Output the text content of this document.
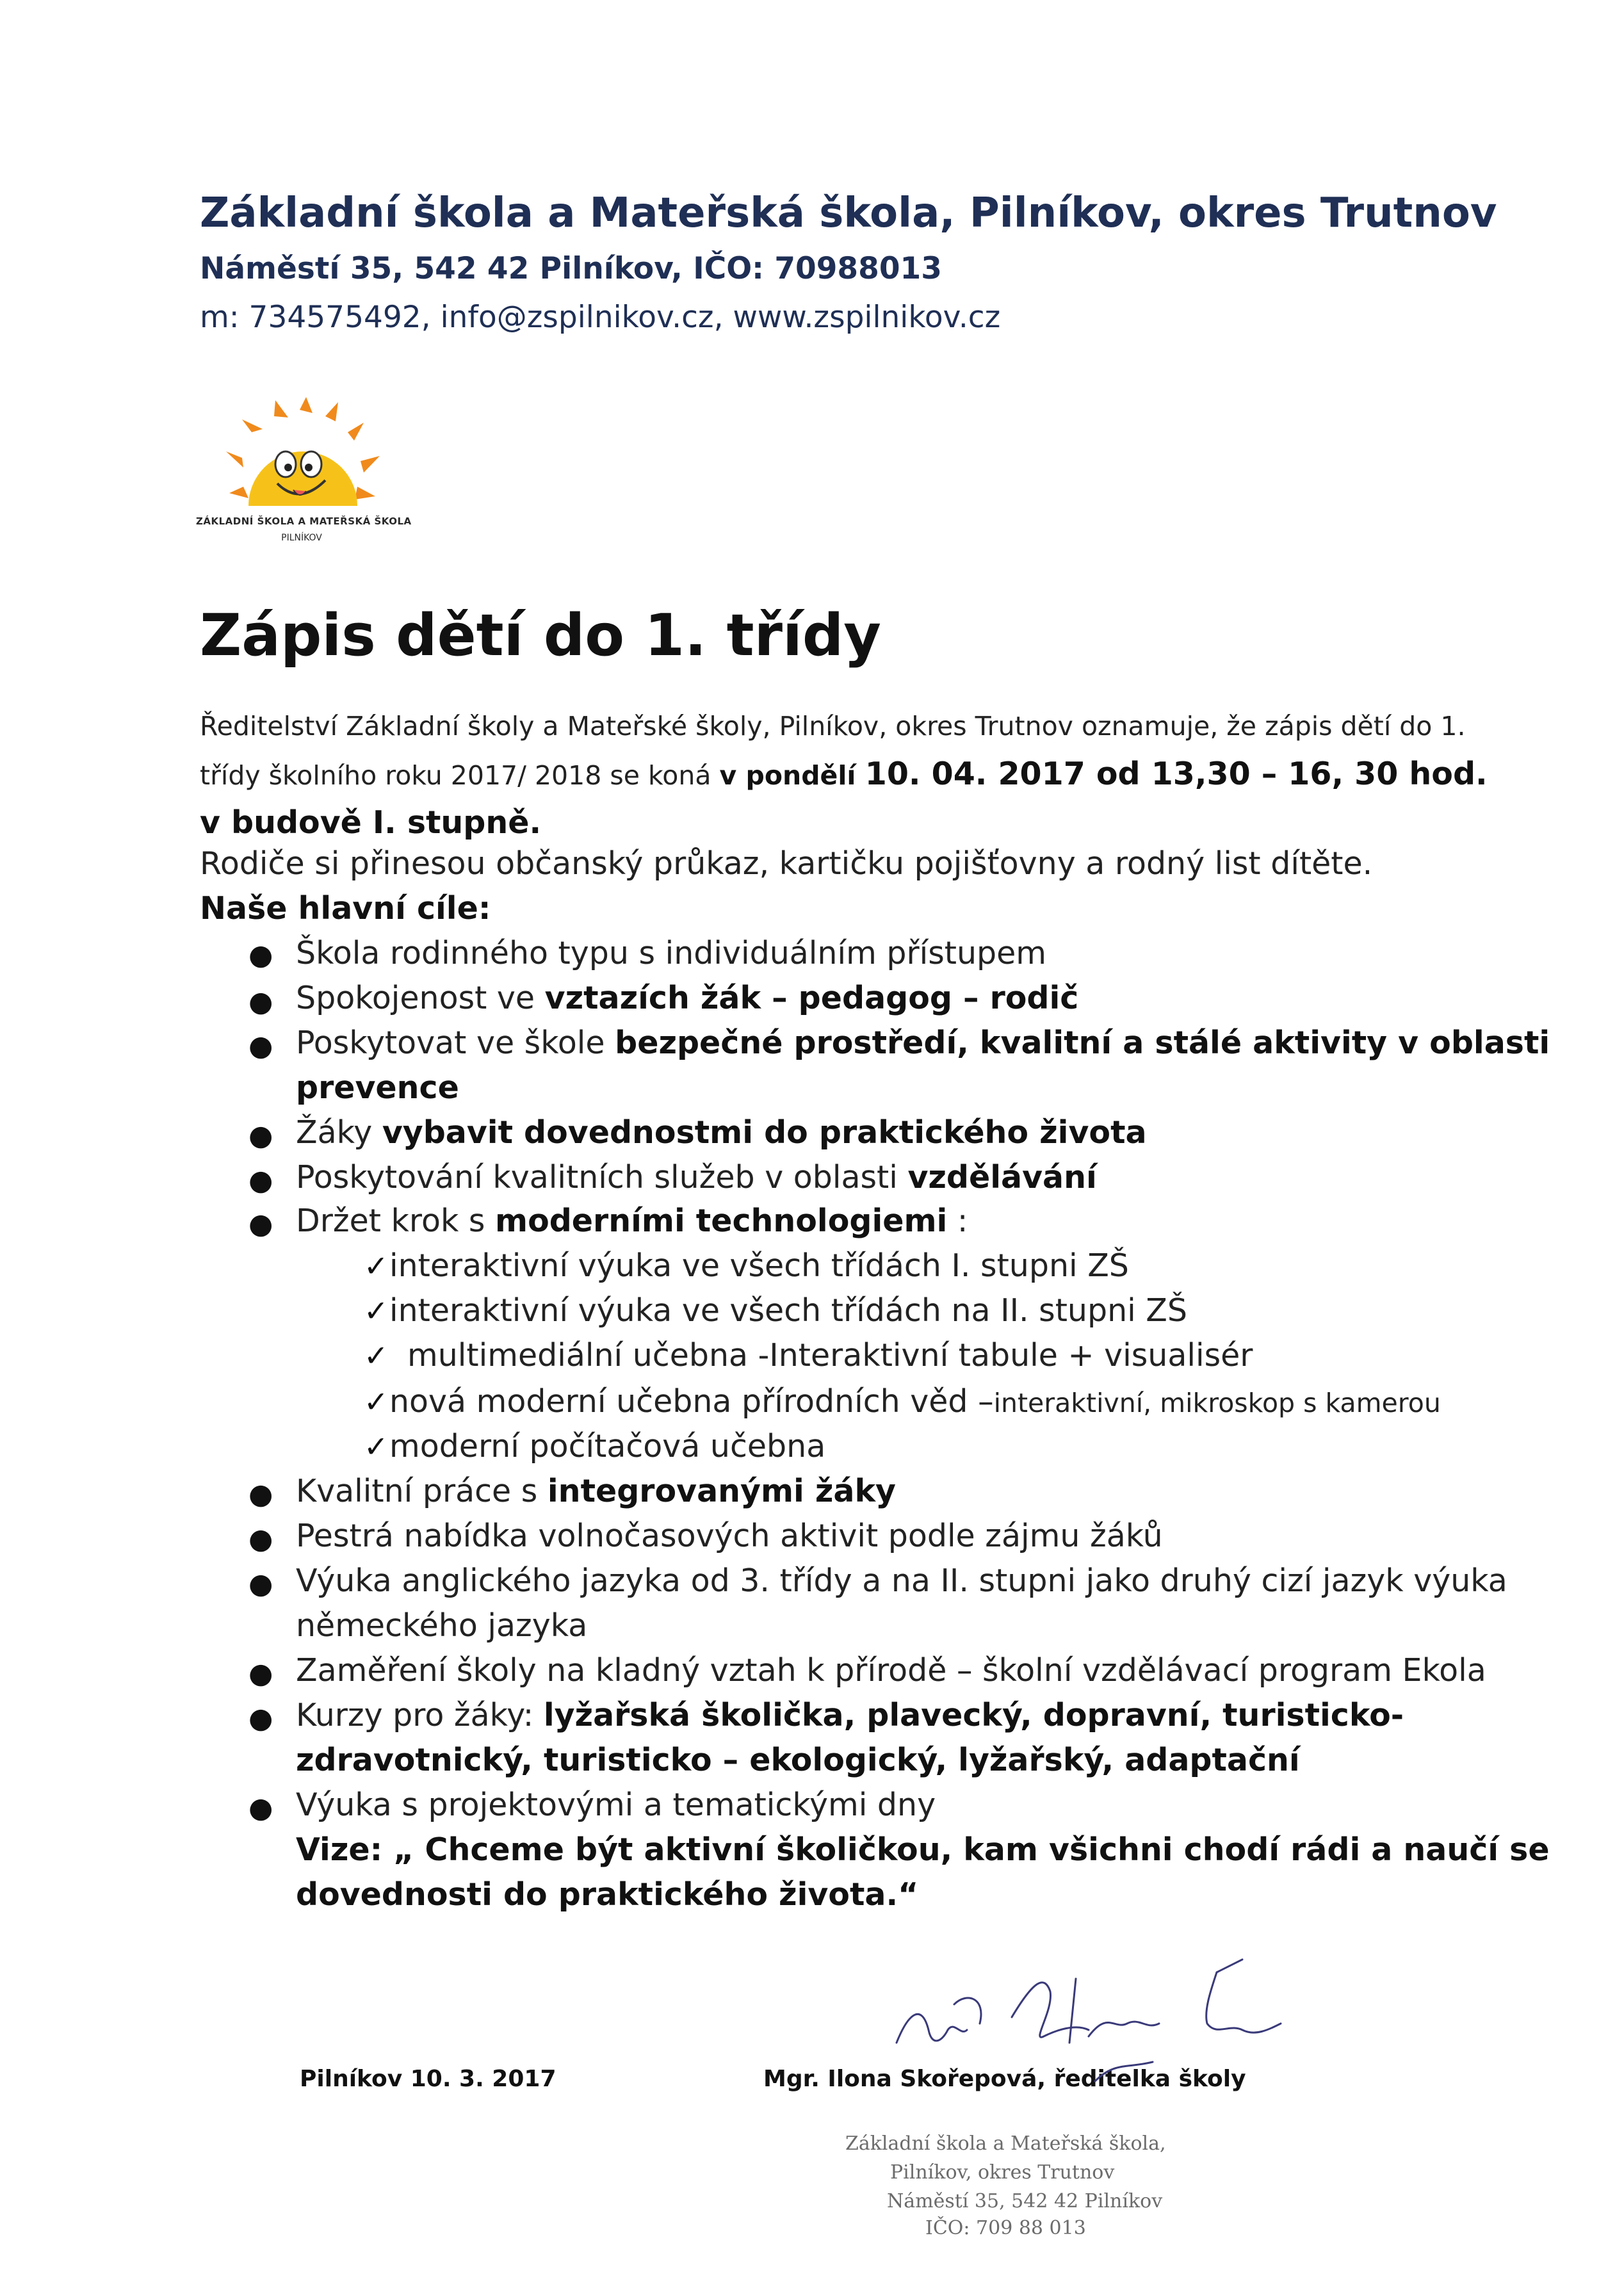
Základní škola a Mateřská škola, Pilníkov, okres Trutnov
Náměstí 35, 542 42 Pilníkov, IČO: 70988013
m: 734575492, info@zspilnikov.cz, www.zspilnikov.cz
ZÁKLADNÍ ŠKOLA A MATEŘSKÁ ŠKOLA
PILNÍKOV
Zápis dětí do 1. třídy
Ředitelství Základní školy a Mateřské školy, Pilníkov, okres Trutnov oznamuje, že zápis dětí do 1.
třídy školního roku 2017/ 2018 se koná v pondělí 10. 04. 2017 od 13,30 – 16, 30 hod.
v budově I. stupně.
Rodiče si přinesou občanský průkaz, kartičku pojišťovny a rodný list dítěte.
Naše hlavní cíle:
● Škola rodinného typu s individuálním přístupem
● Spokojenost ve vztazích žák – pedagog – rodič
● Poskytovat ve škole bezpečné prostředí, kvalitní a stálé aktivity v oblasti
prevence
● Žáky vybavit dovednostmi do praktického života
● Poskytování kvalitních služeb v oblasti vzdělávání
● Držet krok s moderními technologiemi :
✓ interaktivní výuka ve všech třídách I. stupni ZŠ
✓ interaktivní výuka ve všech třídách na II. stupni ZŠ
✓ multimediální učebna -Interaktivní tabule + visualisér
✓ nová moderní učebna přírodních věd –interaktivní, mikroskop s kamerou
✓ moderní počítačová učebna
● Kvalitní práce s integrovanými žáky
● Pestrá nabídka volnočasových aktivit podle zájmu žáků
● Výuka anglického jazyka od 3. třídy a na II. stupni jako druhý cizí jazyk výuka
německého jazyka
● Zaměření školy na kladný vztah k přírodě – školní vzdělávací program Ekola
● Kurzy pro žáky: lyžařská školička, plavecký, dopravní, turisticko-
zdravotnický, turisticko – ekologický, lyžařský, adaptační
● Výuka s projektovými a tematickými dny
Vize: „ Chceme být aktivní školičkou, kam všichni chodí rádi a naučí se
dovednosti do praktického života.“
Pilníkov 10. 3. 2017	Mgr. Ilona Skořepová, ředitelka školy
Základní škola a Mateřská škola,
Pilníkov, okres Trutnov
Náměstí 35, 542 42 Pilníkov
IČO: 709 88 013
